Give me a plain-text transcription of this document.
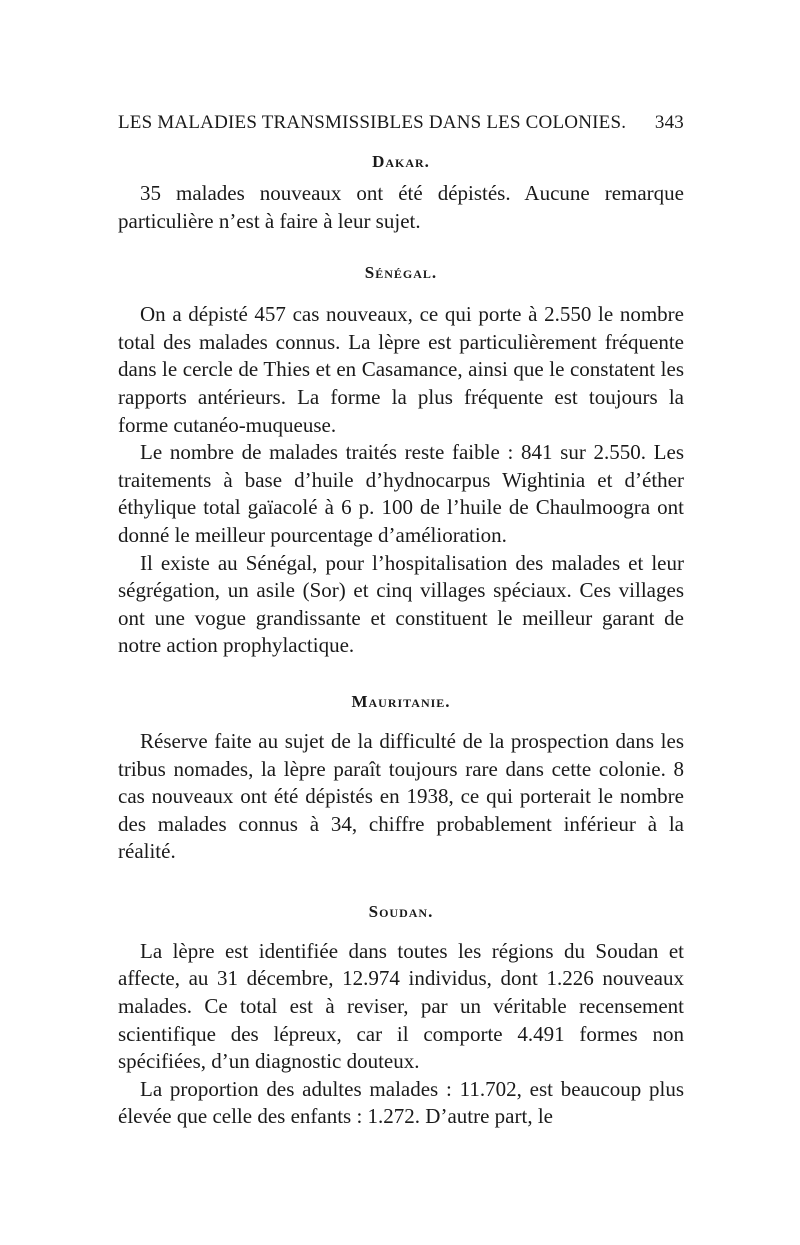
LES MALADIES TRANSMISSIBLES DANS LES COLONIES. 343
Dakar.

35 malades nouveaux ont été dépistés. Aucune remarque particulière n’est à faire à leur sujet.

Sénégal.

On a dépisté 457 cas nouveaux, ce qui porte à 2.550 le nombre total des malades connus. La lèpre est particulièrement fréquente dans le cercle de Thies et en Casamance, ainsi que le constatent les rapports antérieurs. La forme la plus fréquente est toujours la forme cutanéo-muqueuse.

Le nombre de malades traités reste faible : 841 sur 2.550. Les traitements à base d’huile d’hydnocarpus Wightinia et d’éther éthylique total gaïacolé à 6 p. 100 de l’huile de Chaulmoogra ont donné le meilleur pourcentage d’amélioration.

Il existe au Sénégal, pour l’hospitalisation des malades et leur ségrégation, un asile (Sor) et cinq villages spéciaux. Ces villages ont une vogue grandissante et constituent le meilleur garant de notre action prophylactique.

Mauritanie.

Réserve faite au sujet de la difficulté de la prospection dans les tribus nomades, la lèpre paraît toujours rare dans cette colonie. 8 cas nouveaux ont été dépistés en 1938, ce qui porterait le nombre des malades connus à 34, chiffre probablement inférieur à la réalité.

Soudan.

La lèpre est identifiée dans toutes les régions du Soudan et affecte, au 31 décembre, 12.974 individus, dont 1.226 nouveaux malades. Ce total est à reviser, par un véritable recensement scientifique des lépreux, car il comporte 4.491 formes non spécifiées, d’un diagnostic douteux.

La proportion des adultes malades : 11.702, est beaucoup plus élevée que celle des enfants : 1.272. D’autre part, le
